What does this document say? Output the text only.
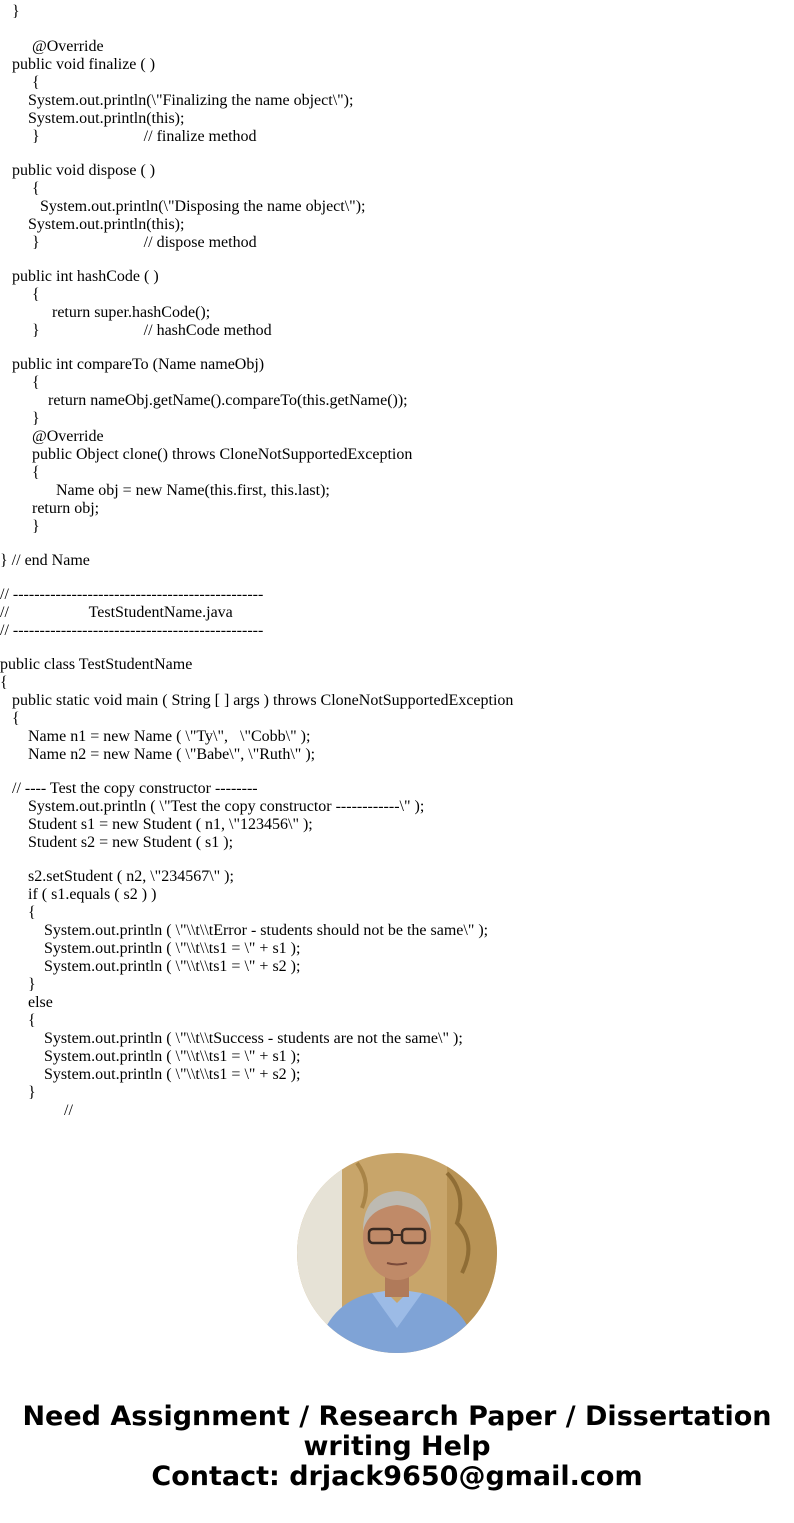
}
@Override
public void finalize ( )
{
System.out.println(\"Finalizing the name object\");
System.out.println(this);
}                          // finalize method
public void dispose ( )
{
System.out.println(\"Disposing the name object\");
System.out.println(this);
}                          // dispose method
public int hashCode ( )
{
return super.hashCode();
}                          // hashCode method
public int compareTo (Name nameObj)
{
return nameObj.getName().compareTo(this.getName());
}
@Override
public Object clone() throws CloneNotSupportedException
{
Name obj = new Name(this.first, this.last);
return obj;
}
} // end Name
// -----------------------------------------------
//                    TestStudentName.java
// -----------------------------------------------
public class TestStudentName
{
public static void main ( String [ ] args ) throws CloneNotSupportedException
{
Name n1 = new Name ( \"Ty\",   \"Cobb\" );
Name n2 = new Name ( \"Babe\", \"Ruth\" );
// ---- Test the copy constructor --------
System.out.println ( \"Test the copy constructor ------------\" );
Student s1 = new Student ( n1, \"123456\" );
Student s2 = new Student ( s1 );
s2.setStudent ( n2, \"234567\" );
if ( s1.equals ( s2 ) )
{
System.out.println ( \"\\t\\tError - students should not be the same\" );
System.out.println ( \"\\t\\ts1 = \" + s1 );
System.out.println ( \"\\t\\ts1 = \" + s2 );
}
else
{
System.out.println ( \"\\t\\tSuccess - students are not the same\" );
System.out.println ( \"\\t\\ts1 = \" + s1 );
System.out.println ( \"\\t\\ts1 = \" + s2 );
}
//
Need Assignment / Research Paper / Dissertation
writing Help
Contact: drjack9650@gmail.com
